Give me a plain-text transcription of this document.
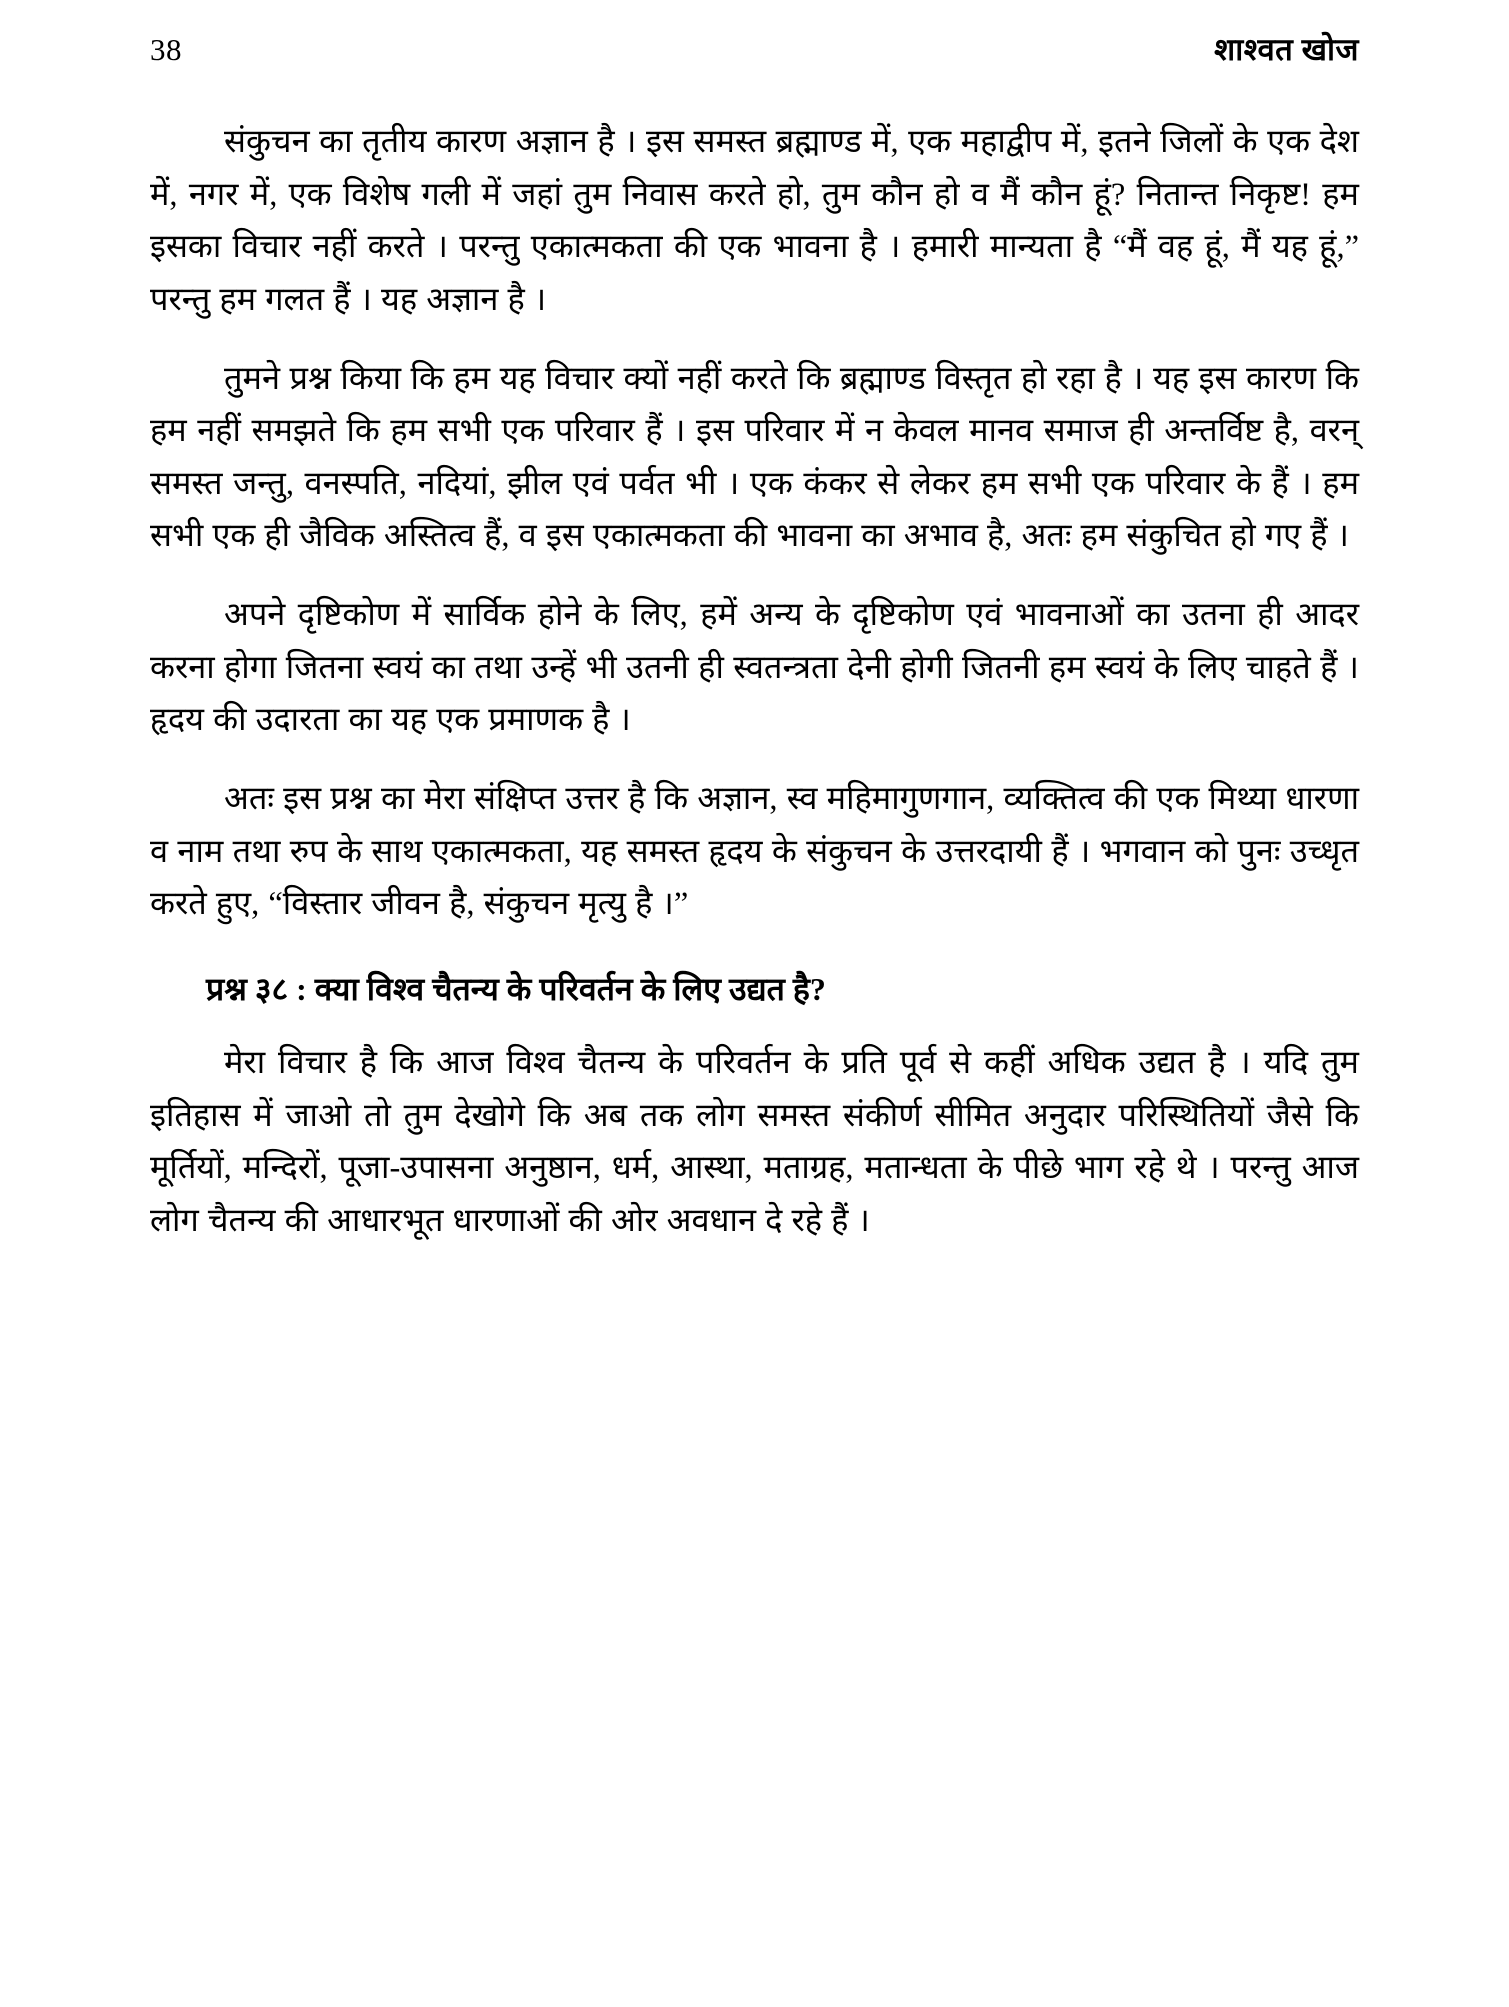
38	शाश्वत खोज

संकुचन का तृतीय कारण अज्ञान है । इस समस्त ब्रह्माण्ड में, एक महाद्वीप में, इतने जिलों के एक देश में, नगर में, एक विशेष गली में जहां तुम निवास करते हो, तुम कौन हो व मैं कौन हूं? नितान्त निकृष्ट! हम इसका विचार नहीं करते । परन्तु एकात्मकता की एक भावना है । हमारी मान्यता है “मैं वह हूं, मैं यह हूं,” परन्तु हम गलत हैं । यह अज्ञान है ।

तुमने प्रश्न किया कि हम यह विचार क्यों नहीं करते कि ब्रह्माण्ड विस्तृत हो रहा है । यह इस कारण कि हम नहीं समझते कि हम सभी एक परिवार हैं । इस परिवार में न केवल मानव समाज ही अन्तर्विष्ट है, वरन् समस्त जन्तु, वनस्पति, नदियां, झील एवं पर्वत भी । एक कंकर से लेकर हम सभी एक परिवार के हैं । हम सभी एक ही जैविक अस्तित्व हैं, व इस एकात्मकता की भावना का अभाव है, अतः हम संकुचित हो गए हैं ।

अपने दृष्टिकोण में सार्विक होने के लिए, हमें अन्य के दृष्टिकोण एवं भावनाओं का उतना ही आदर करना होगा जितना स्वयं का तथा उन्हें भी उतनी ही स्वतन्त्रता देनी होगी जितनी हम स्वयं के लिए चाहते हैं । हृदय की उदारता का यह एक प्रमाणक है ।

अतः इस प्रश्न का मेरा संक्षिप्त उत्तर है कि अज्ञान, स्व महिमागुणगान, व्यक्तित्व की एक मिथ्या धारणा व नाम तथा रुप के साथ एकात्मकता, यह समस्त हृदय के संकुचन के उत्तरदायी हैं । भगवान को पुनः उच्धृत करते हुए, “विस्तार जीवन है, संकुचन मृत्यु है ।”

प्रश्न ३८ : क्या विश्व चैतन्य के परिवर्तन के लिए उद्यत है?

मेरा विचार है कि आज विश्व चैतन्य के परिवर्तन के प्रति पूर्व से कहीं अधिक उद्यत है । यदि तुम इतिहास में जाओ तो तुम देखोगे कि अब तक लोग समस्त संकीर्ण सीमित अनुदार परिस्थितियों जैसे कि मूर्तियों, मन्दिरों, पूजा-उपासना अनुष्ठान, धर्म, आस्था, मताग्रह, मतान्धता के पीछे भाग रहे थे । परन्तु आज लोग चैतन्य की आधारभूत धारणाओं की ओर अवधान दे रहे हैं ।
